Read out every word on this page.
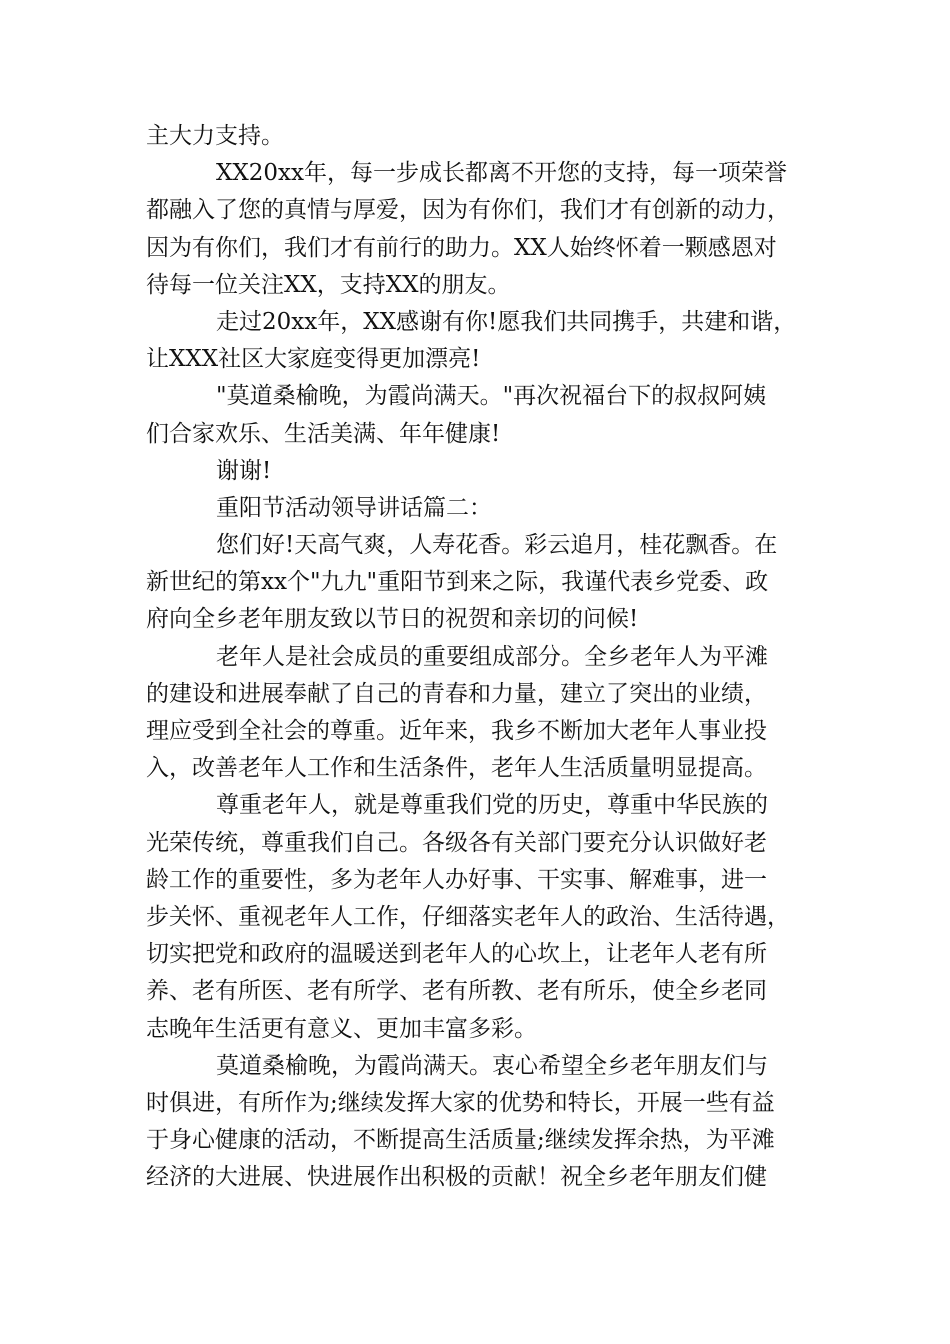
主大力支持。
XX20xx年，每一步成长都离不开您的支持，每一项荣誉
都融入了您的真情与厚爱，因为有你们，我们才有创新的动力，
因为有你们，我们才有前行的助力。XX人始终怀着一颗感恩对
待每一位关注XX，支持XX的朋友。
走过20xx年，XX感谢有你!愿我们共同携手，共建和谐，
让XXX社区大家庭变得更加漂亮!
"莫道桑榆晚，为霞尚满天。"再次祝福台下的叔叔阿姨
们合家欢乐、生活美满、年年健康!
谢谢!
重阳节活动领导讲话篇二：
您们好!天高气爽，人寿花香。彩云追月，桂花飘香。在
新世纪的第xx个"九九"重阳节到来之际，我谨代表乡党委、政
府向全乡老年朋友致以节日的祝贺和亲切的问候!
老年人是社会成员的重要组成部分。全乡老年人为平滩
的建设和进展奉献了自己的青春和力量，建立了突出的业绩，
理应受到全社会的尊重。近年来，我乡不断加大老年人事业投
入，改善老年人工作和生活条件，老年人生活质量明显提高。
尊重老年人，就是尊重我们党的历史，尊重中华民族的
光荣传统，尊重我们自己。各级各有关部门要充分认识做好老
龄工作的重要性，多为老年人办好事、干实事、解难事，进一
步关怀、重视老年人工作，仔细落实老年人的政治、生活待遇，
切实把党和政府的温暖送到老年人的心坎上，让老年人老有所
养、老有所医、老有所学、老有所教、老有所乐，使全乡老同
志晚年生活更有意义、更加丰富多彩。
莫道桑榆晚，为霞尚满天。衷心希望全乡老年朋友们与
时俱进，有所作为;继续发挥大家的优势和特长，开展一些有益
于身心健康的活动，不断提高生活质量;继续发挥余热，为平滩
经济的大进展、快进展作出积极的贡献！祝全乡老年朋友们健
